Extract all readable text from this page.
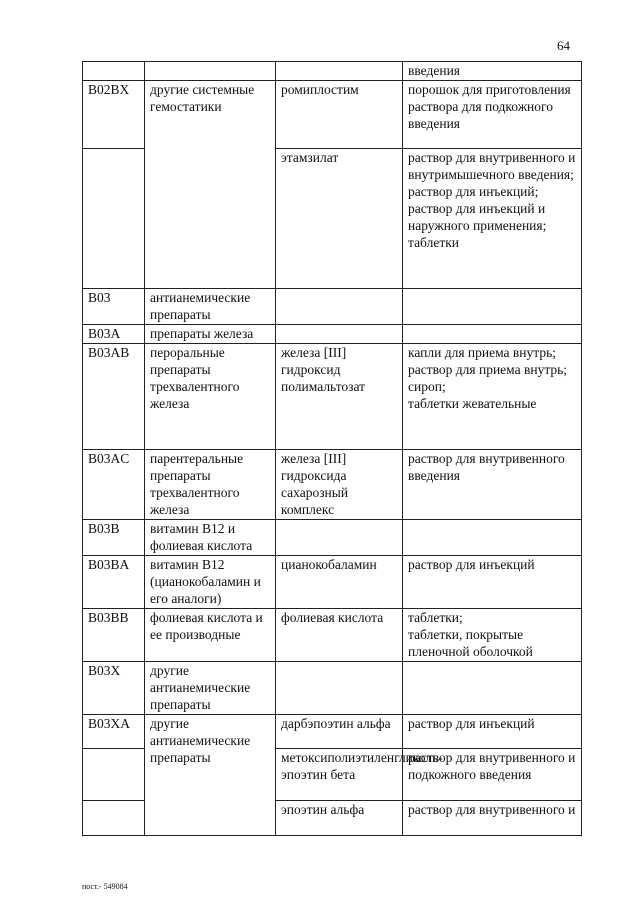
64
			введения
B02BX	другие системные гемостатики	ромиплостим	порошок для приготовления раствора для подкожного введения
		этамзилат	раствор для внутривенного и внутримышечного введения;
раствор для инъекций;
раствор для инъекций и наружного применения;
таблетки
B03	антианемические препараты		
B03A	препараты железа		
B03AB	пероральные препараты трехвалентного железа	железа [III] гидроксид полимальтозат	капли для приема внутрь;
раствор для приема внутрь;
сироп;
таблетки жевательные
B03AC	парентеральные препараты трехвалентного железа	железа [III] гидроксида сахарозный комплекс	раствор для внутривенного введения
B03B	витамин B12 и фолиевая кислота		
B03BA	витамин B12 (цианокобаламин и его аналоги)	цианокобаламин	раствор для инъекций
B03BB	фолиевая кислота и ее производные	фолиевая кислота	таблетки;
таблетки, покрытые пленочной оболочкой
B03X	другие антианемические препараты		
B03XA	другие антианемические препараты	дарбэпоэтин альфа	раствор для инъекций
		метоксиполиэтиленгликоль-эпоэтин бета	раствор для внутривенного и подкожного введения
		эпоэтин альфа	раствор для внутривенного и
пост.- 549084
